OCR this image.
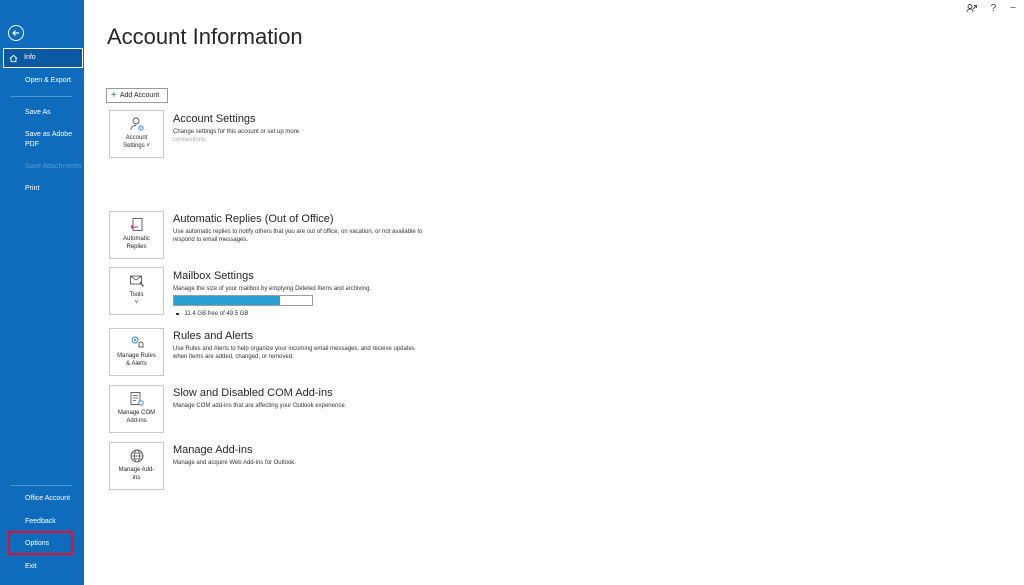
Info
Open & Export
Save As
Save as Adobe PDF
Save Attachments
Print
Office Account
Feedback
Options
Exit
? −
Account Information
+ Add Account
Account
Settings ˅
Account Settings

Change settings for this account or set up more

connections.

Automatic
Replies
Automatic Replies (Out of Office)

Use automatic replies to notify others that you are out of office, on vacation, or not available to respond to email messages.

Tools
˅
Mailbox Settings

Manage the size of your mailbox by emptying Deleted Items and archiving.

11.4 GB free of 49.5 GB
Manage Rules
& Alerts
Rules and Alerts

Use Rules and Alerts to help organize your incoming email messages, and receive updates when items are added, changed, or removed.

Manage COM
Add-ins
Slow and Disabled COM Add-ins

Manage COM add-ins that are affecting your Outlook experience.

Manage Add-
ins
Manage Add-ins

Manage and acquire Web Add-ins for Outlook.
